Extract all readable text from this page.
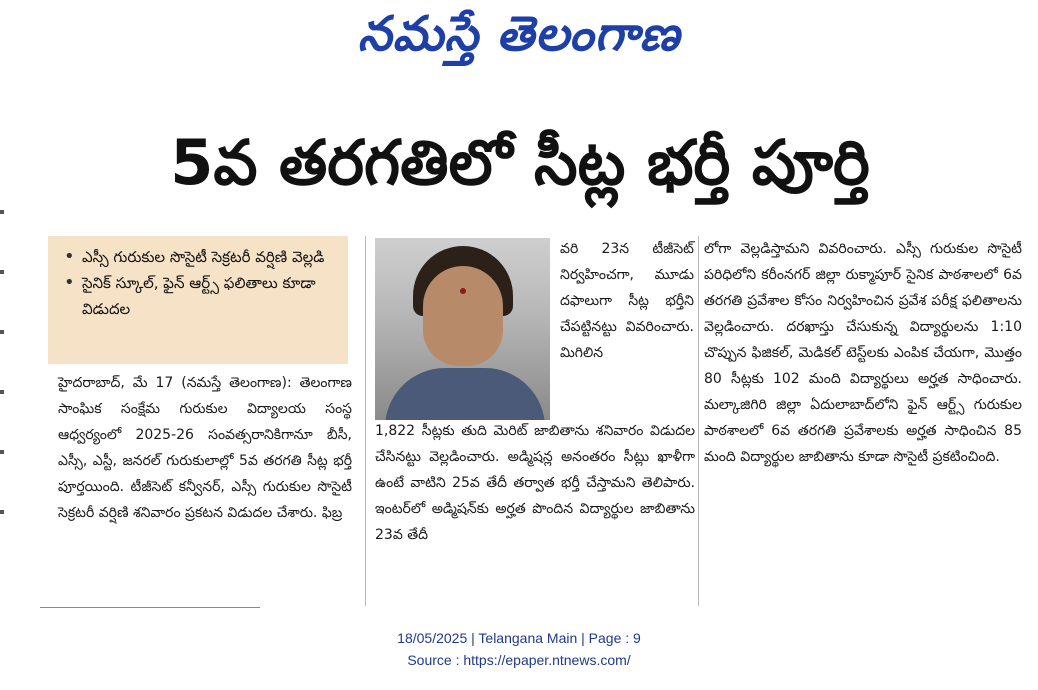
నమస్తే తెలంగాణ
5వ తరగతిలో సీట్ల భర్తీ పూర్తి
• ఎస్సీ గురుకుల సొసైటీ సెక్రటరీ వర్షిణి వెల్లడి
• సైనిక్ స్కూల్, ఫైన్ ఆర్ట్స్ ఫలితాలు కూడా విడుదల

హైదరాబాద్, మే 17 (నమస్తే తెలంగాణ): తెలంగాణ సాంఘిక సంక్షేమ గురుకుల విద్యాలయ సంస్థ ఆధ్వర్యంలో 2025-26 సంవత్సరానికిగానూ బీసీ, ఎస్సీ, ఎస్టీ, జనరల్ గురుకులాల్లో 5వ తరగతి సీట్ల భర్తీ పూర్తయింది. టీజీసెట్ కన్వీనర్, ఎస్సీ గురుకుల సొసైటీ సెక్రటరీ వర్షిణి శనివారం ప్రకటన విడుదల చేశారు. ఫిబ్ర

వరి 23న టీజీసెట్ నిర్వహించగా, మూడు దఫాలుగా సీట్ల భర్తీని చేపట్టినట్టు వివరించారు. మిగిలిన

1,822 సీట్లకు తుది మెరిట్ జాబితాను శనివారం విడుదల చేసినట్టు వెల్లడించారు. అడ్మిషన్ల అనంతరం సీట్లు ఖాళీగా ఉంటే వాటిని 25వ తేదీ తర్వాత భర్తీ చేస్తామని తెలిపారు. ఇంటర్‌లో అడ్మిషన్‌కు అర్హత పొందిన విద్యార్థుల జాబితాను 23వ తేదీ

లోగా వెల్లడిస్తామని వివరించారు. ఎస్సీ గురుకుల సొసైటీ పరిధిలోని కరీంనగర్ జిల్లా రుక్మాపూర్ సైనిక పాఠశాలలో 6వ తరగతి ప్రవేశాల కోసం నిర్వహించిన ప్రవేశ పరీక్ష ఫలితాలను వెల్లడించారు. దరఖాస్తు చేసుకున్న విద్యార్థులను 1:10 చొప్పున ఫిజికల్, మెడికల్ టెస్ట్‌లకు ఎంపిక చేయగా, మొత్తం 80 సీట్లకు 102 మంది విద్యార్థులు అర్హత సాధించారు. మల్కాజిగిరి జిల్లా ఏదులాబాద్‌లోని ఫైన్ ఆర్ట్స్ గురుకుల పాఠశాలలో 6వ తరగతి ప్రవేశాలకు అర్హత సాధించిన 85 మంది విద్యార్థుల జాబితాను కూడా సొసైటీ ప్రకటించింది.

18/05/2025 | Telangana Main | Page : 9
Source : https://epaper.ntnews.com/
